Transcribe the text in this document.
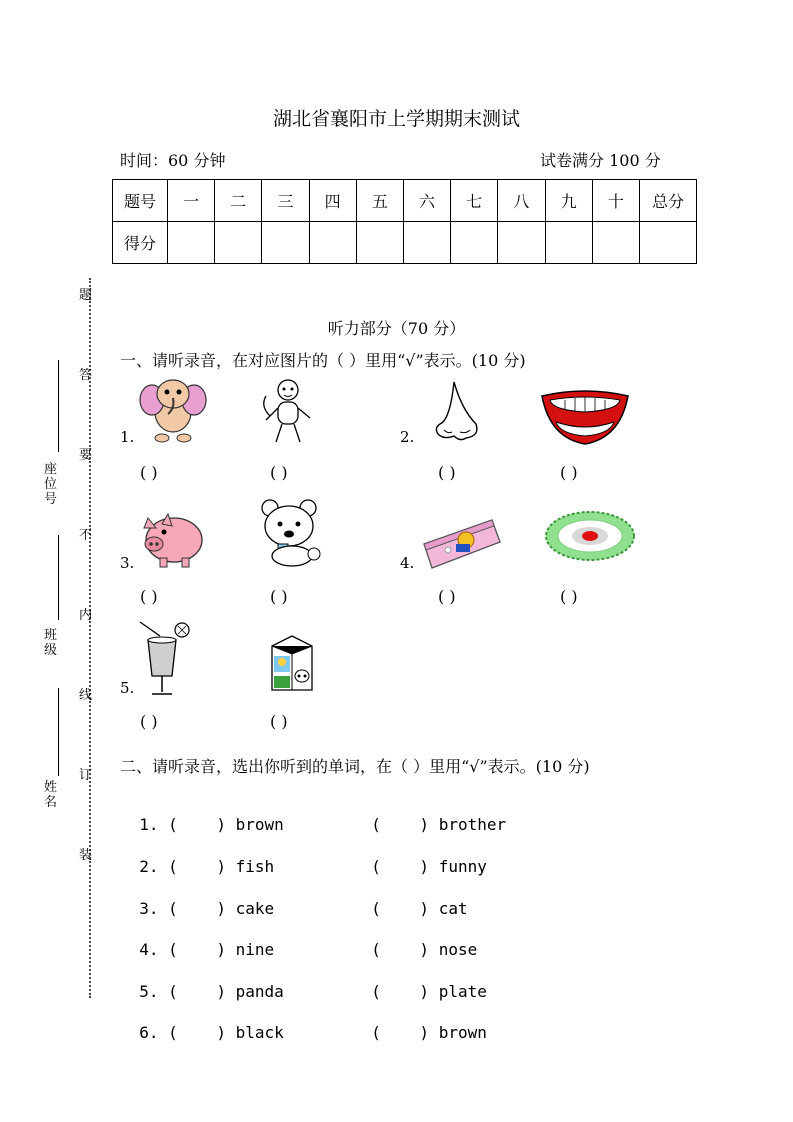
湖北省襄阳市上学期期末测试
时间：60 分钟	试卷满分 100 分
题号	一	二	三	四	五	六	七	八	九	十	总分
得分											
题
答
要
不
内
线
订
装
座位号
班级
姓名
听力部分（70 分）
一、请听录音，在对应图片的（ ）里用“√”表示。(10 分)
1.	2.
( )	( )	( )	( )
3.	4.
( )	( )	( )	( )
5.
( )	( )
二、请听录音，选出你听到的单词，在（ ）里用“√”表示。(10 分)

1. (    ) brown	(    ) brother

2. (    ) fish	(    ) funny

3. (    ) cake	(    ) cat

4. (    ) nine	(    ) nose

5. (    ) panda	(    ) plate

6. (    ) black	(    ) brown
